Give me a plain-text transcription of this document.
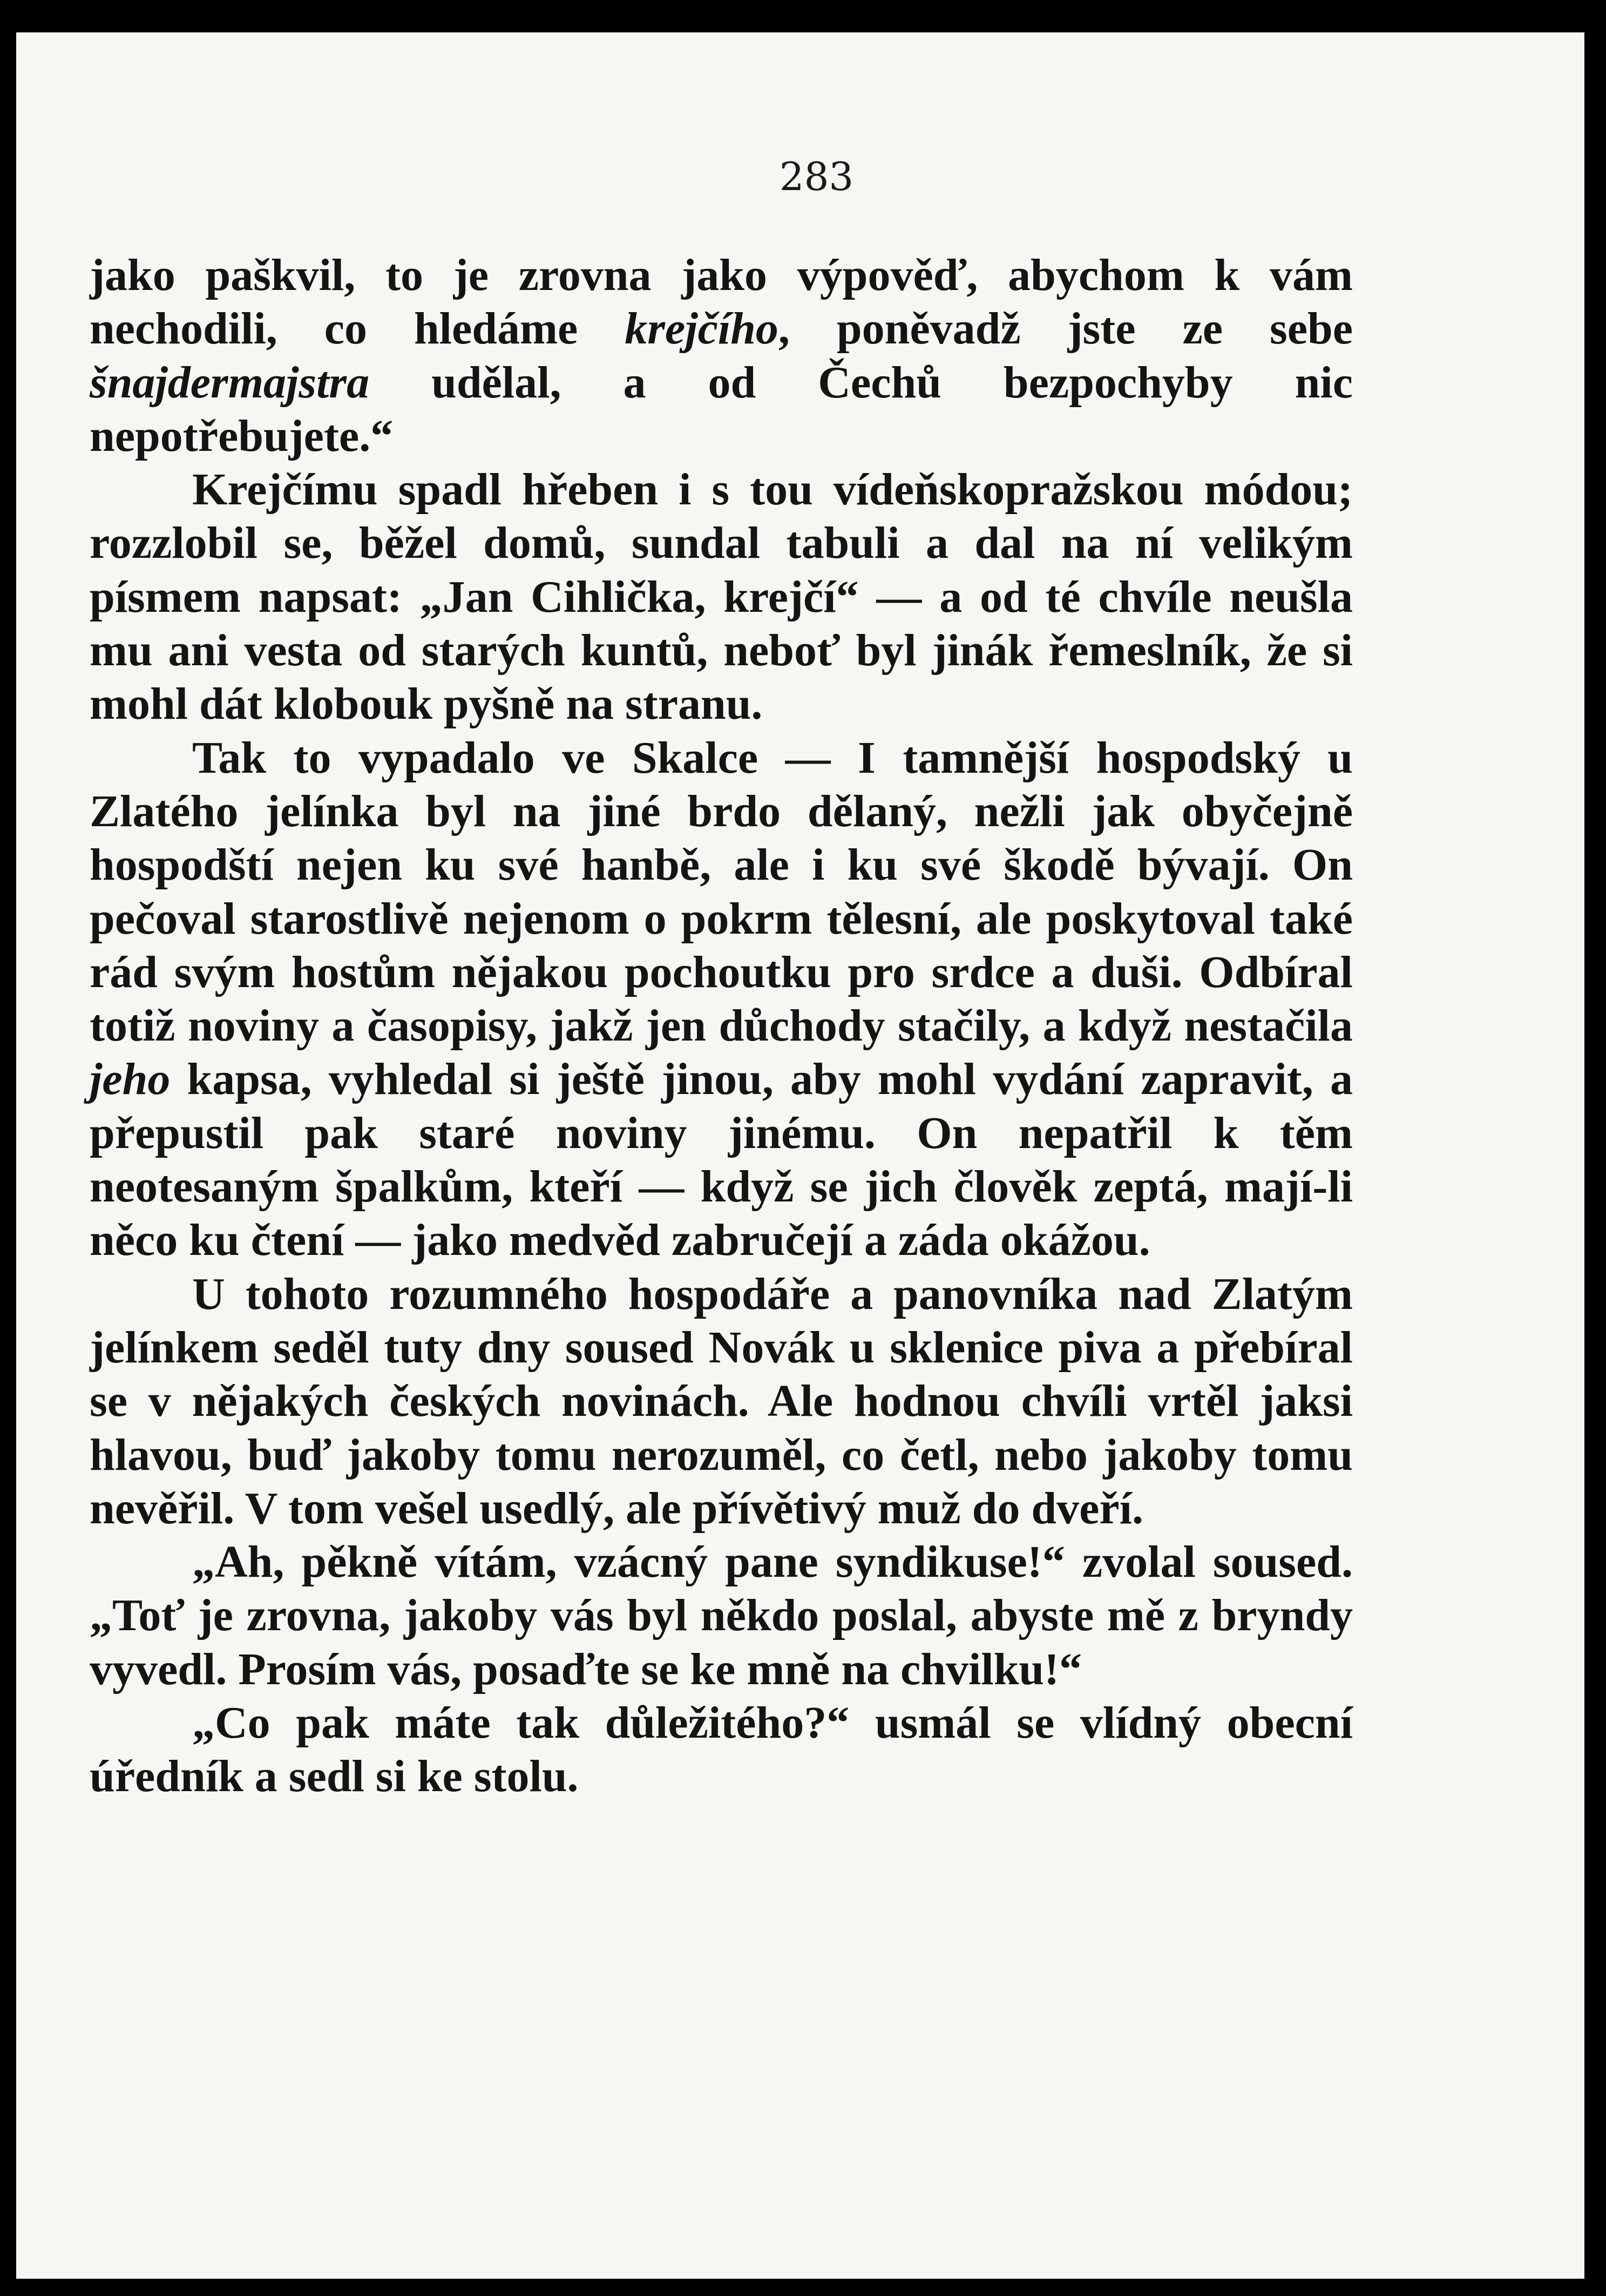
283

jako paškvil, to je zrovna jako výpověď, abychom k vám nechodili, co hledáme krejčího, poněvadž jste ze sebe šnajdermajstra udělal, a od Čechů bezpochyby nic nepotřebujete.“

Krejčímu spadl hřeben i s tou vídeňskopražskou módou; rozzlobil se, běžel domů, sundal tabuli a dal na ní velikým písmem napsat: „Jan Cihlička, krejčí“ — a od té chvíle neušla mu ani vesta od starých kuntů, neboť byl jinák řemeslník, že si mohl dát klobouk pyšně na stranu.

Tak to vypadalo ve Skalce — I tamnější hospodský u Zlatého jelínka byl na jiné brdo dělaný, nežli jak obyčejně hospodští nejen ku své hanbě, ale i ku své škodě bývají. On pečoval starostlivě nejenom o pokrm tělesní, ale poskytoval také rád svým hostům nějakou pochoutku pro srdce a duši. Odbíral totiž noviny a časopisy, jakž jen důchody stačily, a když nestačila jeho kapsa, vyhledal si ještě jinou, aby mohl vydání zapravit, a přepustil pak staré noviny jinému. On nepatřil k těm neotesaným špalkům, kteří — když se jich člověk zeptá, mají-li něco ku čtení — jako medvěd zabručejí a záda okážou.

U tohoto rozumného hospodáře a panovníka nad Zlatým jelínkem seděl tuty dny soused Novák u sklenice piva a přebíral se v nějakých českých novinách. Ale hodnou chvíli vrtěl jaksi hlavou, buď jakoby tomu nerozuměl, co četl, nebo jakoby tomu nevěřil. V tom vešel usedlý, ale přívětivý muž do dveří.

„Ah, pěkně vítám, vzácný pane syndikuse!“ zvolal soused. „Toť je zrovna, jakoby vás byl někdo poslal, abyste mě z bryndy vyvedl. Prosím vás, posaďte se ke mně na chvilku!“

„Co pak máte tak důležitého?“ usmál se vlídný obecní úředník a sedl si ke stolu.
